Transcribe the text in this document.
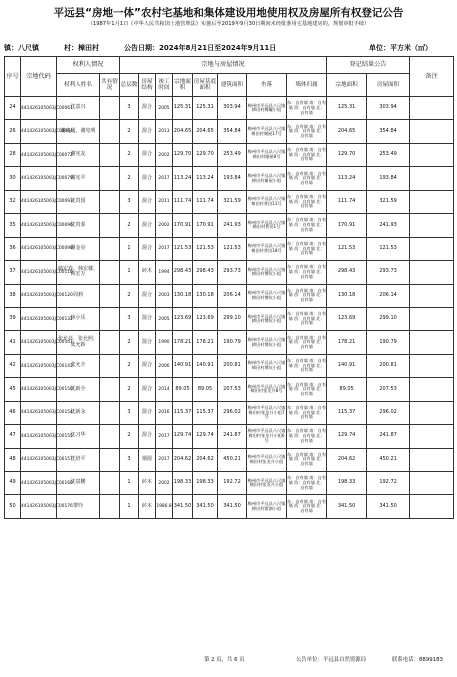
平远县“房地一体”农村宅基地和集体建设用地使用权及房屋所有权登记公告
（1987年1月1日《中华人民共和国土地管理法》实施后至2019年9月30日期间未经批准用宅基地建房的，规划审批手续）
镇：八尺镇	村：樟田村	公告日期：2024年8月21日至2024年9月11日	单位：平方米（㎡）
序号	宗地代码	权利人情况		宗地与房屋情况								登记结果公告		备注
		权利人姓名	共有情况	总层数	房屋结构	竣工时间	宗地面积	房屋基底面积	建筑面积	坐落	墙体归属	宗地面积	房屋面积	
24	441426105003JC00061	沈意兴		3	混合	2005	125.31	125.31	303.94	梅州市平远县八尺镇樟田村梅螺小组	东：自有墙 南：自有墙 西：自有墙 北：自有墙	125.31	303.94	
26	441426105003JC00064	谢宪通、谢宪明		2	混合	2013	204.65	204.65	354.84	梅州市平远县八尺镇樟田村谢屋17号	东：自有墙 南：自有墙 西：自有墙 北：自有墙	204.65	354.84	
28	441426105003JC00072	谢宪友		2	混合	2002	129.70	129.70	253.49	梅州市平远县八尺镇樟田村谢屋8号	东：自有墙 南：自有墙 西：自有墙 北：自有墙	129.70	253.49	
30	441426105003JC00079	谢宪平		2	混合	2017	113.24	113.24	193.84	梅州市平远县八尺镇樟田村谢屋小组	东：自有墙 南：自有墙 西：自有墙 北：自有墙	113.24	193.84	
32	441426105003JC00093	沈贵国		3	混合	2011	111.74	111.74	321.59	梅州市平远县八尺镇樟田村普田11号	东：自有墙 南：自有墙 西：自有墙 北：自有墙	111.74	321.59	
35	441426105003JC00096	沈贵泰		2	混合	2002	170.91	170.91	241.93	梅州市平远县八尺镇樟田村普田1号	东：自有墙 南：自有墙 西：自有墙 北：自有墙	170.91	241.93	
36	441426105003JC00098	谢金亮		1	混合	2017	121.53	121.53	121.53	梅州市平远县八尺镇樟田村普田18号	东：自有墙 南：自有墙 西：自有墙 北：自有墙	121.53	121.53	
37	441426105003JC00110	韩宏春、韩宏楼、韩宏万		1	砖木	1994	298.43	298.43	293.73	梅州市平远县八尺镇樟田村增坑小组	东：自有墙 南：自有墙 西：自有墙 北：自有墙	298.43	293.73	
38	441426105003JC00120	周莉		2	混合	2003	130.18	130.18	206.14	梅州市平远县八尺镇樟田村增坑小组	东：自有墙 南：自有墙 西：自有墙 北：自有墙	130.18	206.14	
39	441426105003JC00132	林小乐		3	混合	2005	123.69	123.69	299.10	梅州市平远县八尺镇樟田村增坑小组	东：自有墙 南：自有墙 西：自有墙 北：自有墙	123.69	299.10	
41	441426105003JC00141	张允亮、张允照、张允娇		2	混合	1990	178.21	178.21	190.79	梅州市平远县八尺镇樟田村增坑小组	东：自有墙 南：自有墙 西：自有墙 北：自有墙	178.21	190.79	
42	441426105003JC00143	张允全		2	混合	2006	140.91	140.91	200.81	梅州市平远县八尺镇樟田村增坑小组	东：自有墙 南：自有墙 西：自有墙 北：自有墙	140.91	200.81	
45	441426105003JC00150	沈新全		2	混合	2014	89.05	89.05	207.53	梅州市平远县八尺镇樟田村张龙开8号	东：自有墙 南：自有墙 西：自有墙 北：自有墙	89.05	207.53	
46	441426105003JC00154	沈新永		3	混合	2016	115.37	115.37	296.02	梅州市平远县八尺镇樟田村张龙开小组7号	东：自有墙 南：自有墙 西：自有墙 北：自有墙	115.37	296.02	
47	441426105003JC00155	沈习华		2	混合	2017	129.74	129.74	241.87	梅州市平远县八尺镇樟田村张龙开小组6号	东：自有墙 南：自有墙 西：自有墙 北：自有墙	129.74	241.87	
48	441426105003JC00157	沈培平		3	钢混	2017	204.62	204.62	450.21	梅州市平远县八尺镇樟田村张龙开小组	东：自有墙 南：自有墙 西：自有墙 北：自有墙	204.62	450.21	
49	441426105003JC00160	沈富鹏		1	砖木	2002	198.33	198.33	192.72	梅州市平远县八尺镇樟田村张龙开小组	东：自有墙 南：自有墙 西：自有墙 北：自有墙	198.33	192.72	
50	441426105003JC00176	黎玲		1	砖木	1986.8	341.50	341.50	341.50	梅州市平远县八尺镇樟田村猪湖小组	东：自有墙 南：自有墙 西：自有墙 北：自有墙	341.50	341.50	
第 2 页，共 6 页	公告单位：平远县自然资源局	联系电话：8899183
